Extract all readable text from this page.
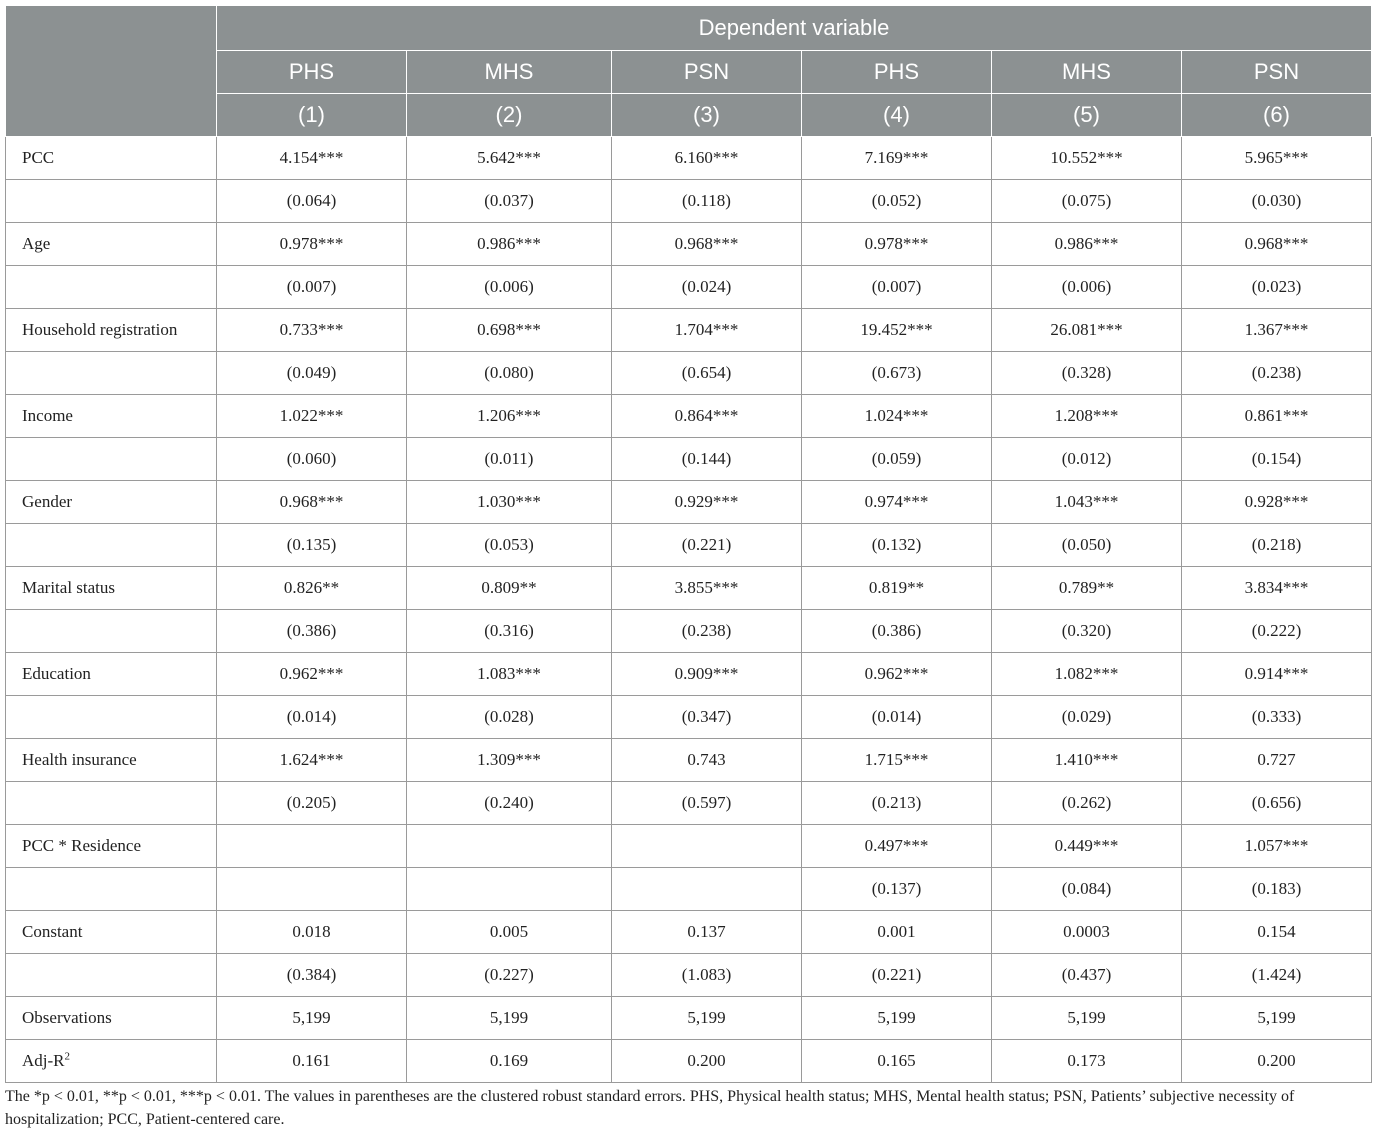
	Dependent variable					
	PHS	MHS	PSN	PHS	MHS	PSN
	(1)	(2)	(3)	(4)	(5)	(6)
PCC	4.154***	5.642***	6.160***	7.169***	10.552***	5.965***
	(0.064)	(0.037)	(0.118)	(0.052)	(0.075)	(0.030)
Age	0.978***	0.986***	0.968***	0.978***	0.986***	0.968***
	(0.007)	(0.006)	(0.024)	(0.007)	(0.006)	(0.023)
Household registration	0.733***	0.698***	1.704***	19.452***	26.081***	1.367***
	(0.049)	(0.080)	(0.654)	(0.673)	(0.328)	(0.238)
Income	1.022***	1.206***	0.864***	1.024***	1.208***	0.861***
	(0.060)	(0.011)	(0.144)	(0.059)	(0.012)	(0.154)
Gender	0.968***	1.030***	0.929***	0.974***	1.043***	0.928***
	(0.135)	(0.053)	(0.221)	(0.132)	(0.050)	(0.218)
Marital status	0.826**	0.809**	3.855***	0.819**	0.789**	3.834***
	(0.386)	(0.316)	(0.238)	(0.386)	(0.320)	(0.222)
Education	0.962***	1.083***	0.909***	0.962***	1.082***	0.914***
	(0.014)	(0.028)	(0.347)	(0.014)	(0.029)	(0.333)
Health insurance	1.624***	1.309***	0.743	1.715***	1.410***	0.727
	(0.205)	(0.240)	(0.597)	(0.213)	(0.262)	(0.656)
PCC * Residence				0.497***	0.449***	1.057***
				(0.137)	(0.084)	(0.183)
Constant	0.018	0.005	0.137	0.001	0.0003	0.154
	(0.384)	(0.227)	(1.083)	(0.221)	(0.437)	(1.424)
Observations	5,199	5,199	5,199	5,199	5,199	5,199
Adj-$R^2$	0.161	0.169	0.200	0.165	0.173	0.200
The *p < 0.01, **p < 0.01, ***p < 0.01. The values in parentheses are the clustered robust standard errors. PHS, Physical health status; MHS, Mental health status; PSN, Patients’ subjective necessity of hospitalization; PCC, Patient-centered care.
